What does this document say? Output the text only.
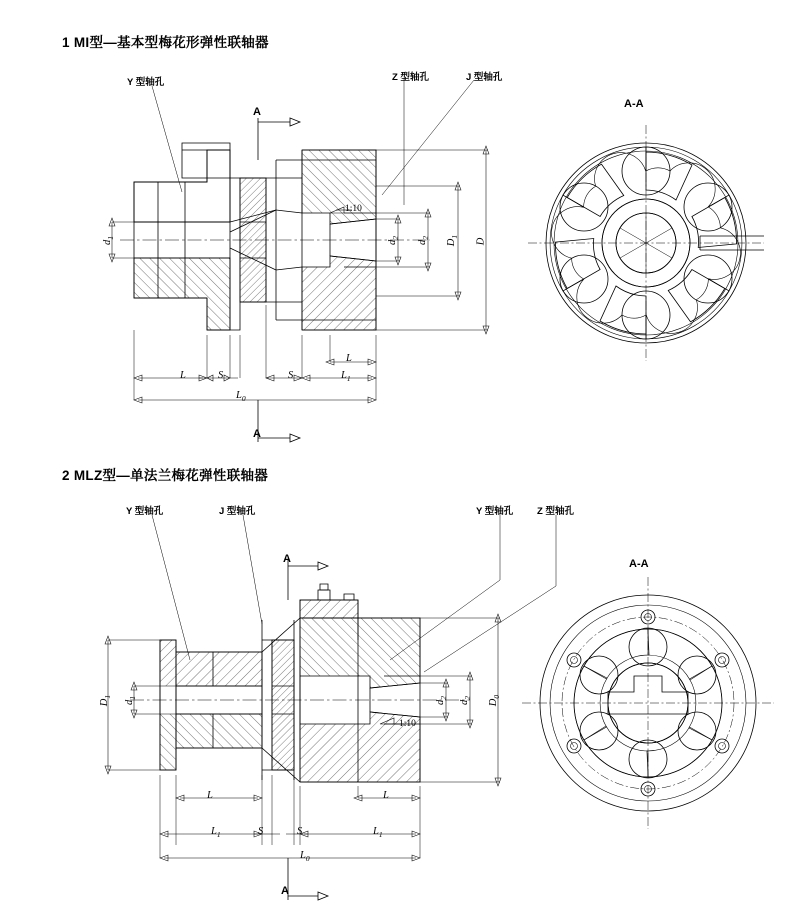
1 MI型—基本型梅花形弹性联轴器
Y 型轴孔	Z 型轴孔	J 型轴孔
A-A
A
A
$d_1$
$d_2$
$d_2$
$D_1$
D
L	S	S
L
$L_1$
$L_0$
2 MLZ型—单法兰梅花弹性联轴器
Y 型轴孔	J 型轴孔	Y 型轴孔 Z 型轴孔
A-A
A
A
$D_1$
$d_1$
$d_2$
$d_2$
$D_0$
L	L
$L_1$	S	S	$L_1$
$L_0$
